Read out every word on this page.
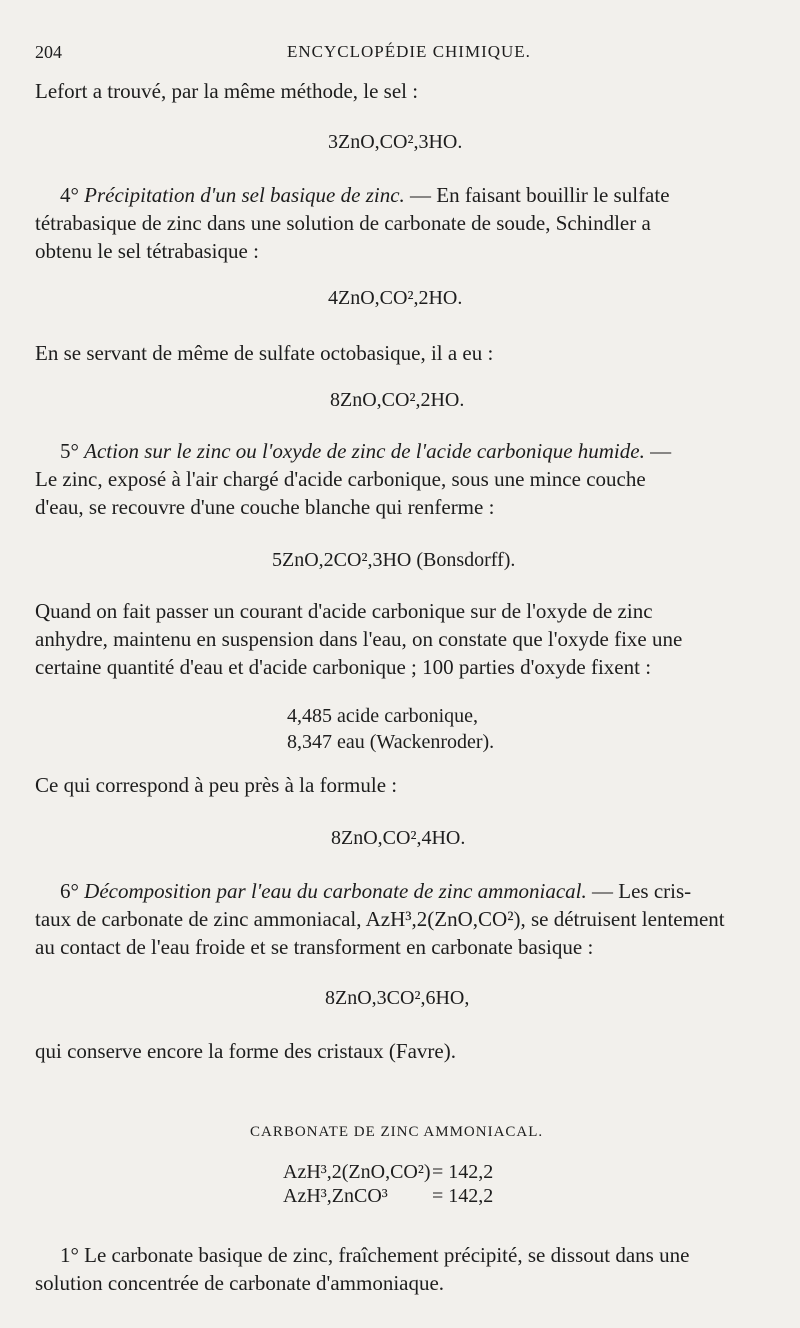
204	ENCYCLOPÉDIE CHIMIQUE.
Lefort a trouvé, par la même méthode, le sel :
3ZnO,CO²,3HO.
4° Précipitation d'un sel basique de zinc. — En faisant bouillir le sulfate
tétrabasique de zinc dans une solution de carbonate de soude, Schindler a
obtenu le sel tétrabasique :
4ZnO,CO²,2HO.
En se servant de même de sulfate octobasique, il a eu :
8ZnO,CO²,2HO.
5° Action sur le zinc ou l'oxyde de zinc de l'acide carbonique humide. —
Le zinc, exposé à l'air chargé d'acide carbonique, sous une mince couche
d'eau, se recouvre d'une couche blanche qui renferme :
5ZnO,2CO²,3HO (Bonsdorff).
Quand on fait passer un courant d'acide carbonique sur de l'oxyde de zinc
anhydre, maintenu en suspension dans l'eau, on constate que l'oxyde fixe une
certaine quantité d'eau et d'acide carbonique ; 100 parties d'oxyde fixent :
4,485 acide carbonique,
8,347 eau (Wackenroder).
Ce qui correspond à peu près à la formule :
8ZnO,CO²,4HO.
6° Décomposition par l'eau du carbonate de zinc ammoniacal. — Les cris-
taux de carbonate de zinc ammoniacal, AzH³,2(ZnO,CO²), se détruisent lentement
au contact de l'eau froide et se transforment en carbonate basique :
8ZnO,3CO²,6HO,
qui conserve encore la forme des cristaux (Favre).
CARBONATE DE ZINC AMMONIACAL.
AzH³,2(ZnO,CO²) = 142,2
AzH³,ZnCO³ = 142,2
1° Le carbonate basique de zinc, fraîchement précipité, se dissout dans une
solution concentrée de carbonate d'ammoniaque.
